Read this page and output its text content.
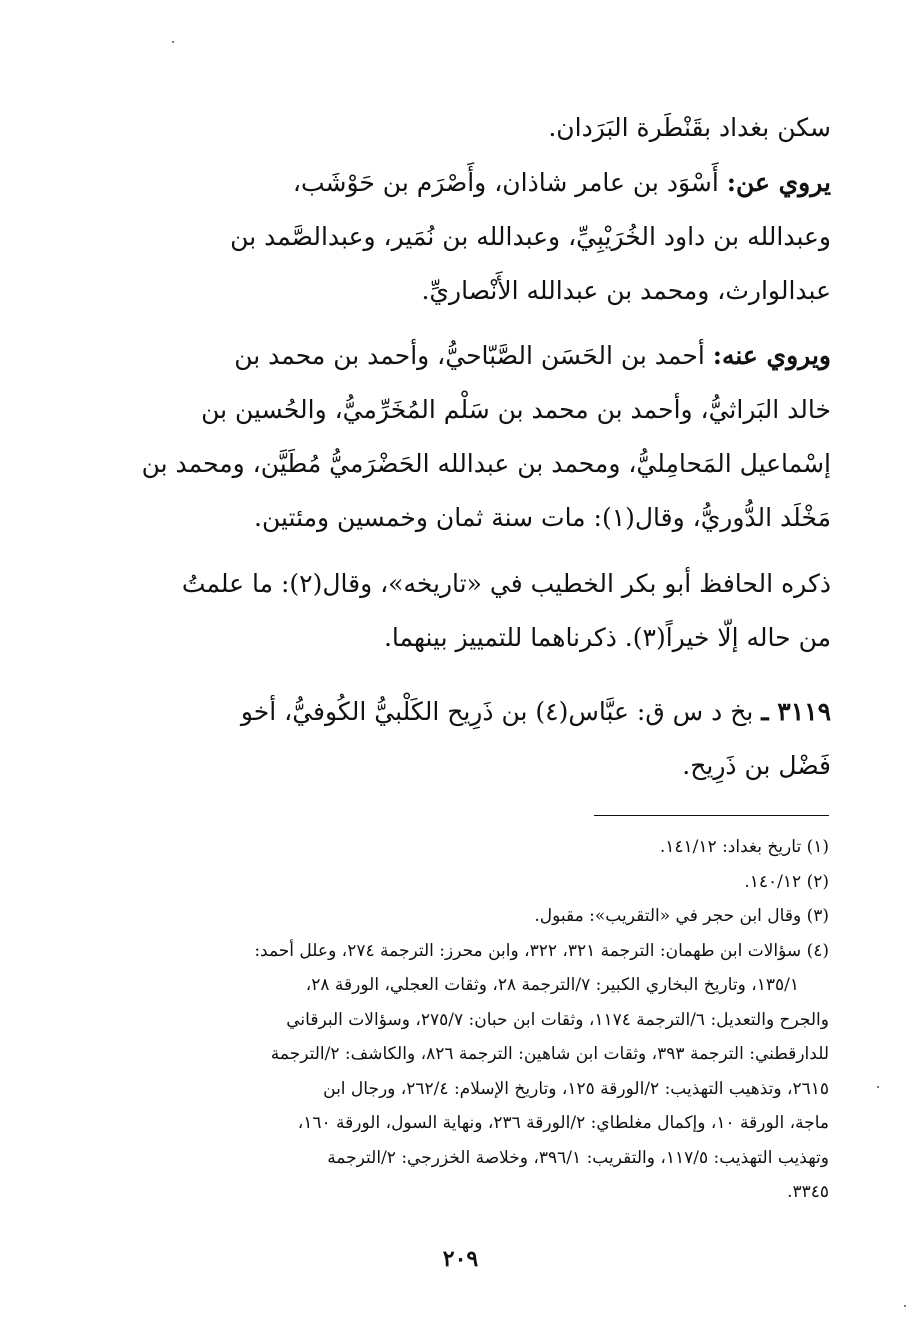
سكن بغداد بقَنْطَرة البَرَدان.

يروي عن: أَسْوَد بن عامر شاذان، وأَصْرَم بن حَوْشَب،
وعبدالله بن داود الخُرَيْبِيِّ، وعبدالله بن نُمَير، وعبدالصَّمد بن
عبدالوارث، ومحمد بن عبدالله الأَنْصاريِّ.

ويروي عنه: أحمد بن الحَسَن الصَّبّاحيُّ، وأحمد بن محمد بن
خالد البَراثيُّ، وأحمد بن محمد بن سَلْم المُخَرِّميُّ، والحُسين بن
إسْماعيل المَحامِليُّ، ومحمد بن عبدالله الحَضْرَميُّ مُطَيَّن، ومحمد بن
مَخْلَد الدُّوريُّ، وقال(١): مات سنة ثمان وخمسين ومئتين.

ذكره الحافظ أبو بكر الخطيب في «تاريخه»، وقال(٢): ما علمتُ
من حاله إلّا خيراً(٣). ذكرناهما للتمييز بينهما.

٣١١٩ ـ بخ د س ق: عبَّاس(٤) بن ذَرِيح الكَلْبيُّ الكُوفيُّ، أخو
فَضْل بن ذَرِيح.

(١) تاريخ بغداد: ١٤١/١٢.
(٢) ١٤٠/١٢.
(٣) وقال ابن حجر في «التقريب»: مقبول.
(٤) سؤالات ابن طهمان: الترجمة ٣٢١، ٣٢٢، وابن محرز: الترجمة ٢٧٤، وعلل أحمد:
١٣٥/١، وتاريخ البخاري الكبير: ٧/الترجمة ٢٨، وثقات العجلي، الورقة ٢٨،
والجرح والتعديل: ٦/الترجمة ١١٧٤، وثقات ابن حبان: ٢٧٥/٧، وسؤالات البرقاني
للدارقطني: الترجمة ٣٩٣، وثقات ابن شاهين: الترجمة ٨٢٦، والكاشف: ٢/الترجمة
٢٦١٥، وتذهيب التهذيب: ٢/الورقة ١٢٥، وتاريخ الإسلام: ٢٦٢/٤، ورجال ابن
ماجة، الورقة ١٠، وإكمال مغلطاي: ٢/الورقة ٢٣٦، ونهاية السول، الورقة ١٦٠،
وتهذيب التهذيب: ١١٧/٥، والتقريب: ٣٩٦/١، وخلاصة الخزرجي: ٢/الترجمة
٣٣٤٥.
٢٠٩
